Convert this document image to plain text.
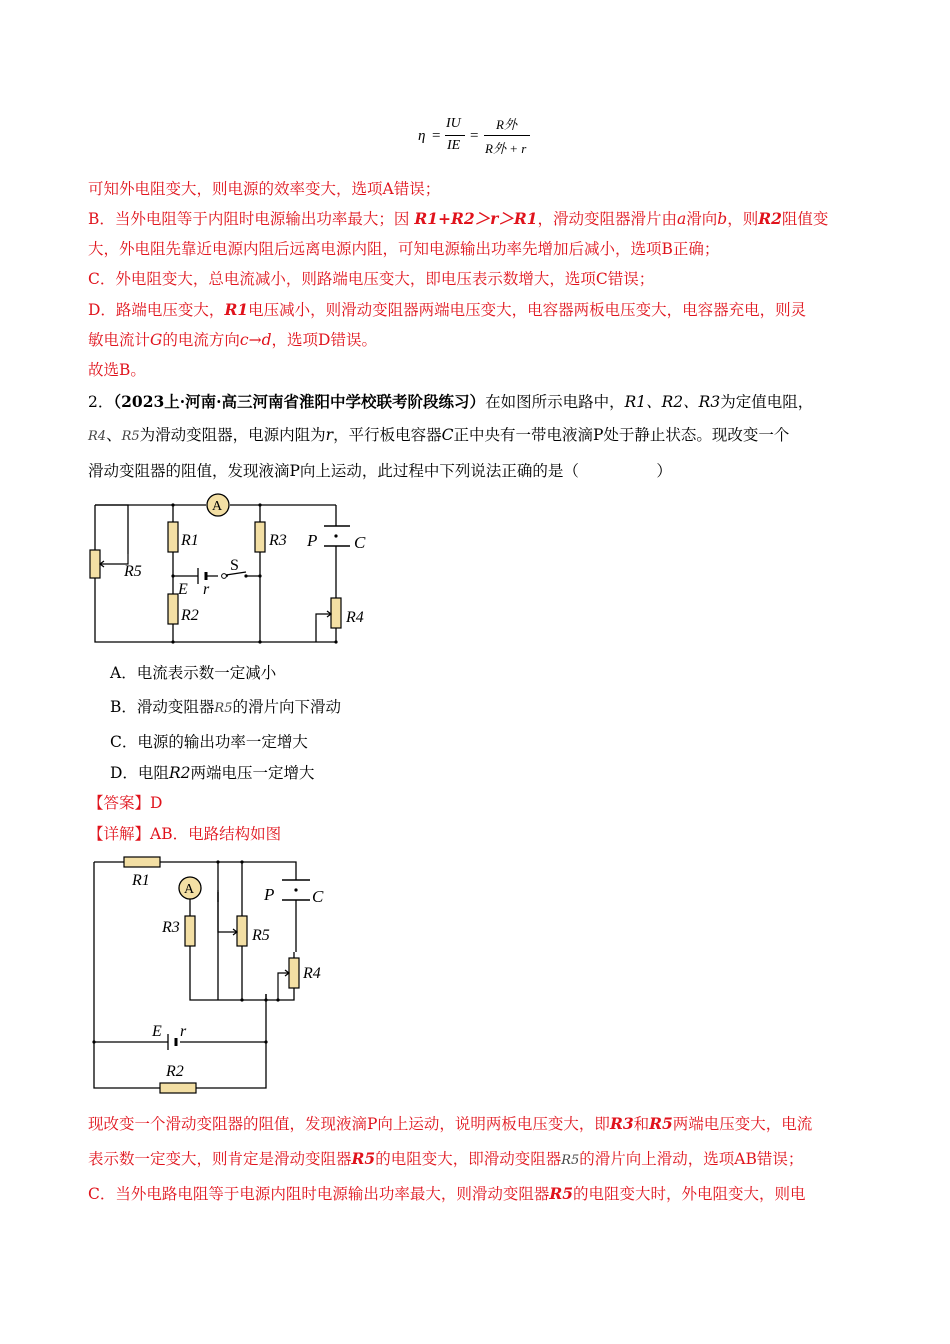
η =
IU
IE
=
R外
R外 + r
可知外电阻变大，则电源的效率变大，选项A错误；
B．当外电阻等于内阻时电源输出功率最大；因 R1+R2＞r＞R1，滑动变阻器滑片由a滑向b，则R2阻值变
大，外电阻先靠近电源内阻后远离电源内阻，可知电源输出功率先增加后减小，选项B正确；
C．外电阻变大，总电流减小，则路端电压变大，即电压表示数增大，选项C错误；
D．路端电压变大，R1电压减小，则滑动变阻器两端电压变大，电容器两板电压变大，电容器充电，则灵
敏电流计G的电流方向c→d，选项D错误。
故选B。
2．（2023上·河南·高三河南省淮阳中学校联考阶段练习）在如图所示电路中，R1、R2、R3为定值电阻，
R4、R5为滑动变阻器，电源内阻为r，平行板电容器C正中央有一带电液滴P处于静止状态。现改变一个
滑动变阻器的阻值，发现液滴P向上运动，此过程中下列说法正确的是（　　　　　）
A
R1
R2
R3
R4
R5
E r
S
P C
A．电流表示数一定减小
B．滑动变阻器R5的滑片向下滑动
C．电源的输出功率一定增大
D．电阻R2两端电压一定增大
【答案】D
【详解】AB．电路结构如图
A
R1
R3	R5
R4
R2
E r
P C
现改变一个滑动变阻器的阻值，发现液滴P向上运动，说明两板电压变大，即R3和R5两端电压变大，电流
表示数一定变大，则肯定是滑动变阻器R5的电阻变大，即滑动变阻器R5的滑片向上滑动，选项AB错误；
C．当外电路电阻等于电源内阻时电源输出功率最大，则滑动变阻器R5的电阻变大时，外电阻变大，则电
